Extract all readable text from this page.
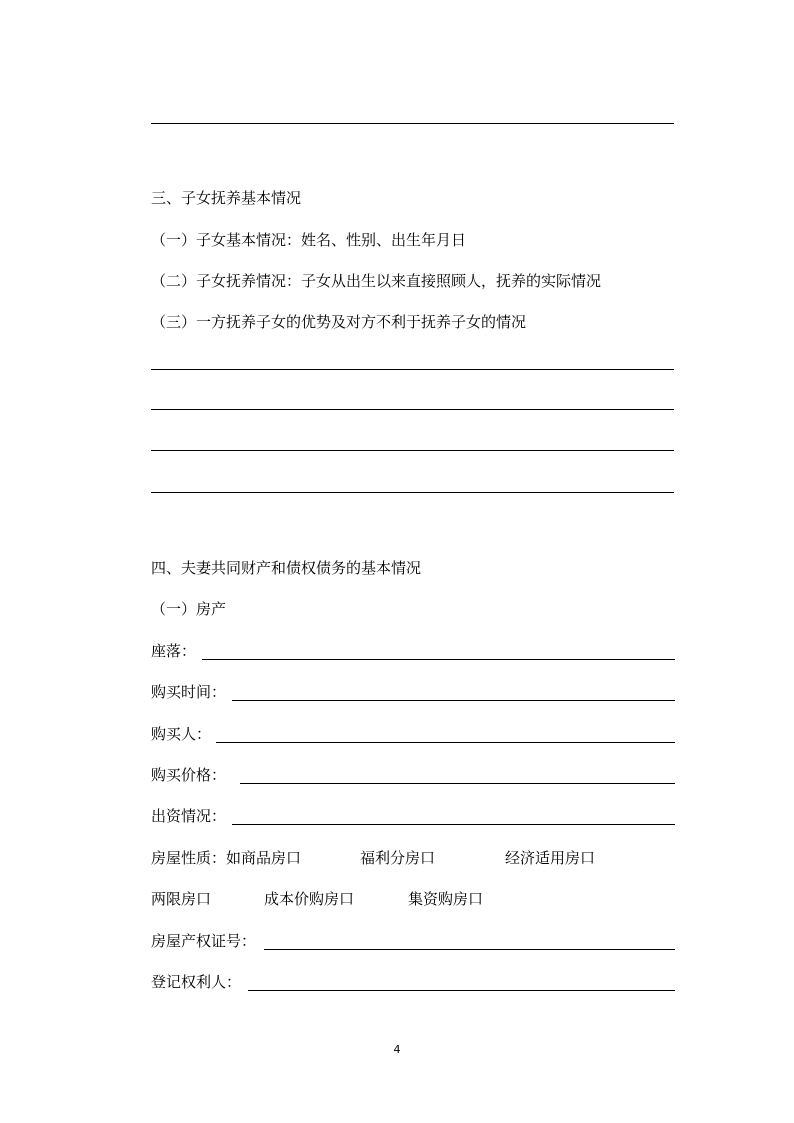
三、子女抚养基本情况
（一）子女基本情况：姓名、性别、出生年月日
（二）子女抚养情况：子女从出生以来直接照顾人，抚养的实际情况
（三）一方抚养子女的优势及对方不利于抚养子女的情况
四、夫妻共同财产和债权债务的基本情况
（一）房产
座落：
购买时间：
购买人：
购买价格：
出资情况：
房屋性质：如商品房口	福利分房口	经济适用房口
两限房口	成本价购房口	集资购房口
房屋产权证号：
登记权利人：
4
